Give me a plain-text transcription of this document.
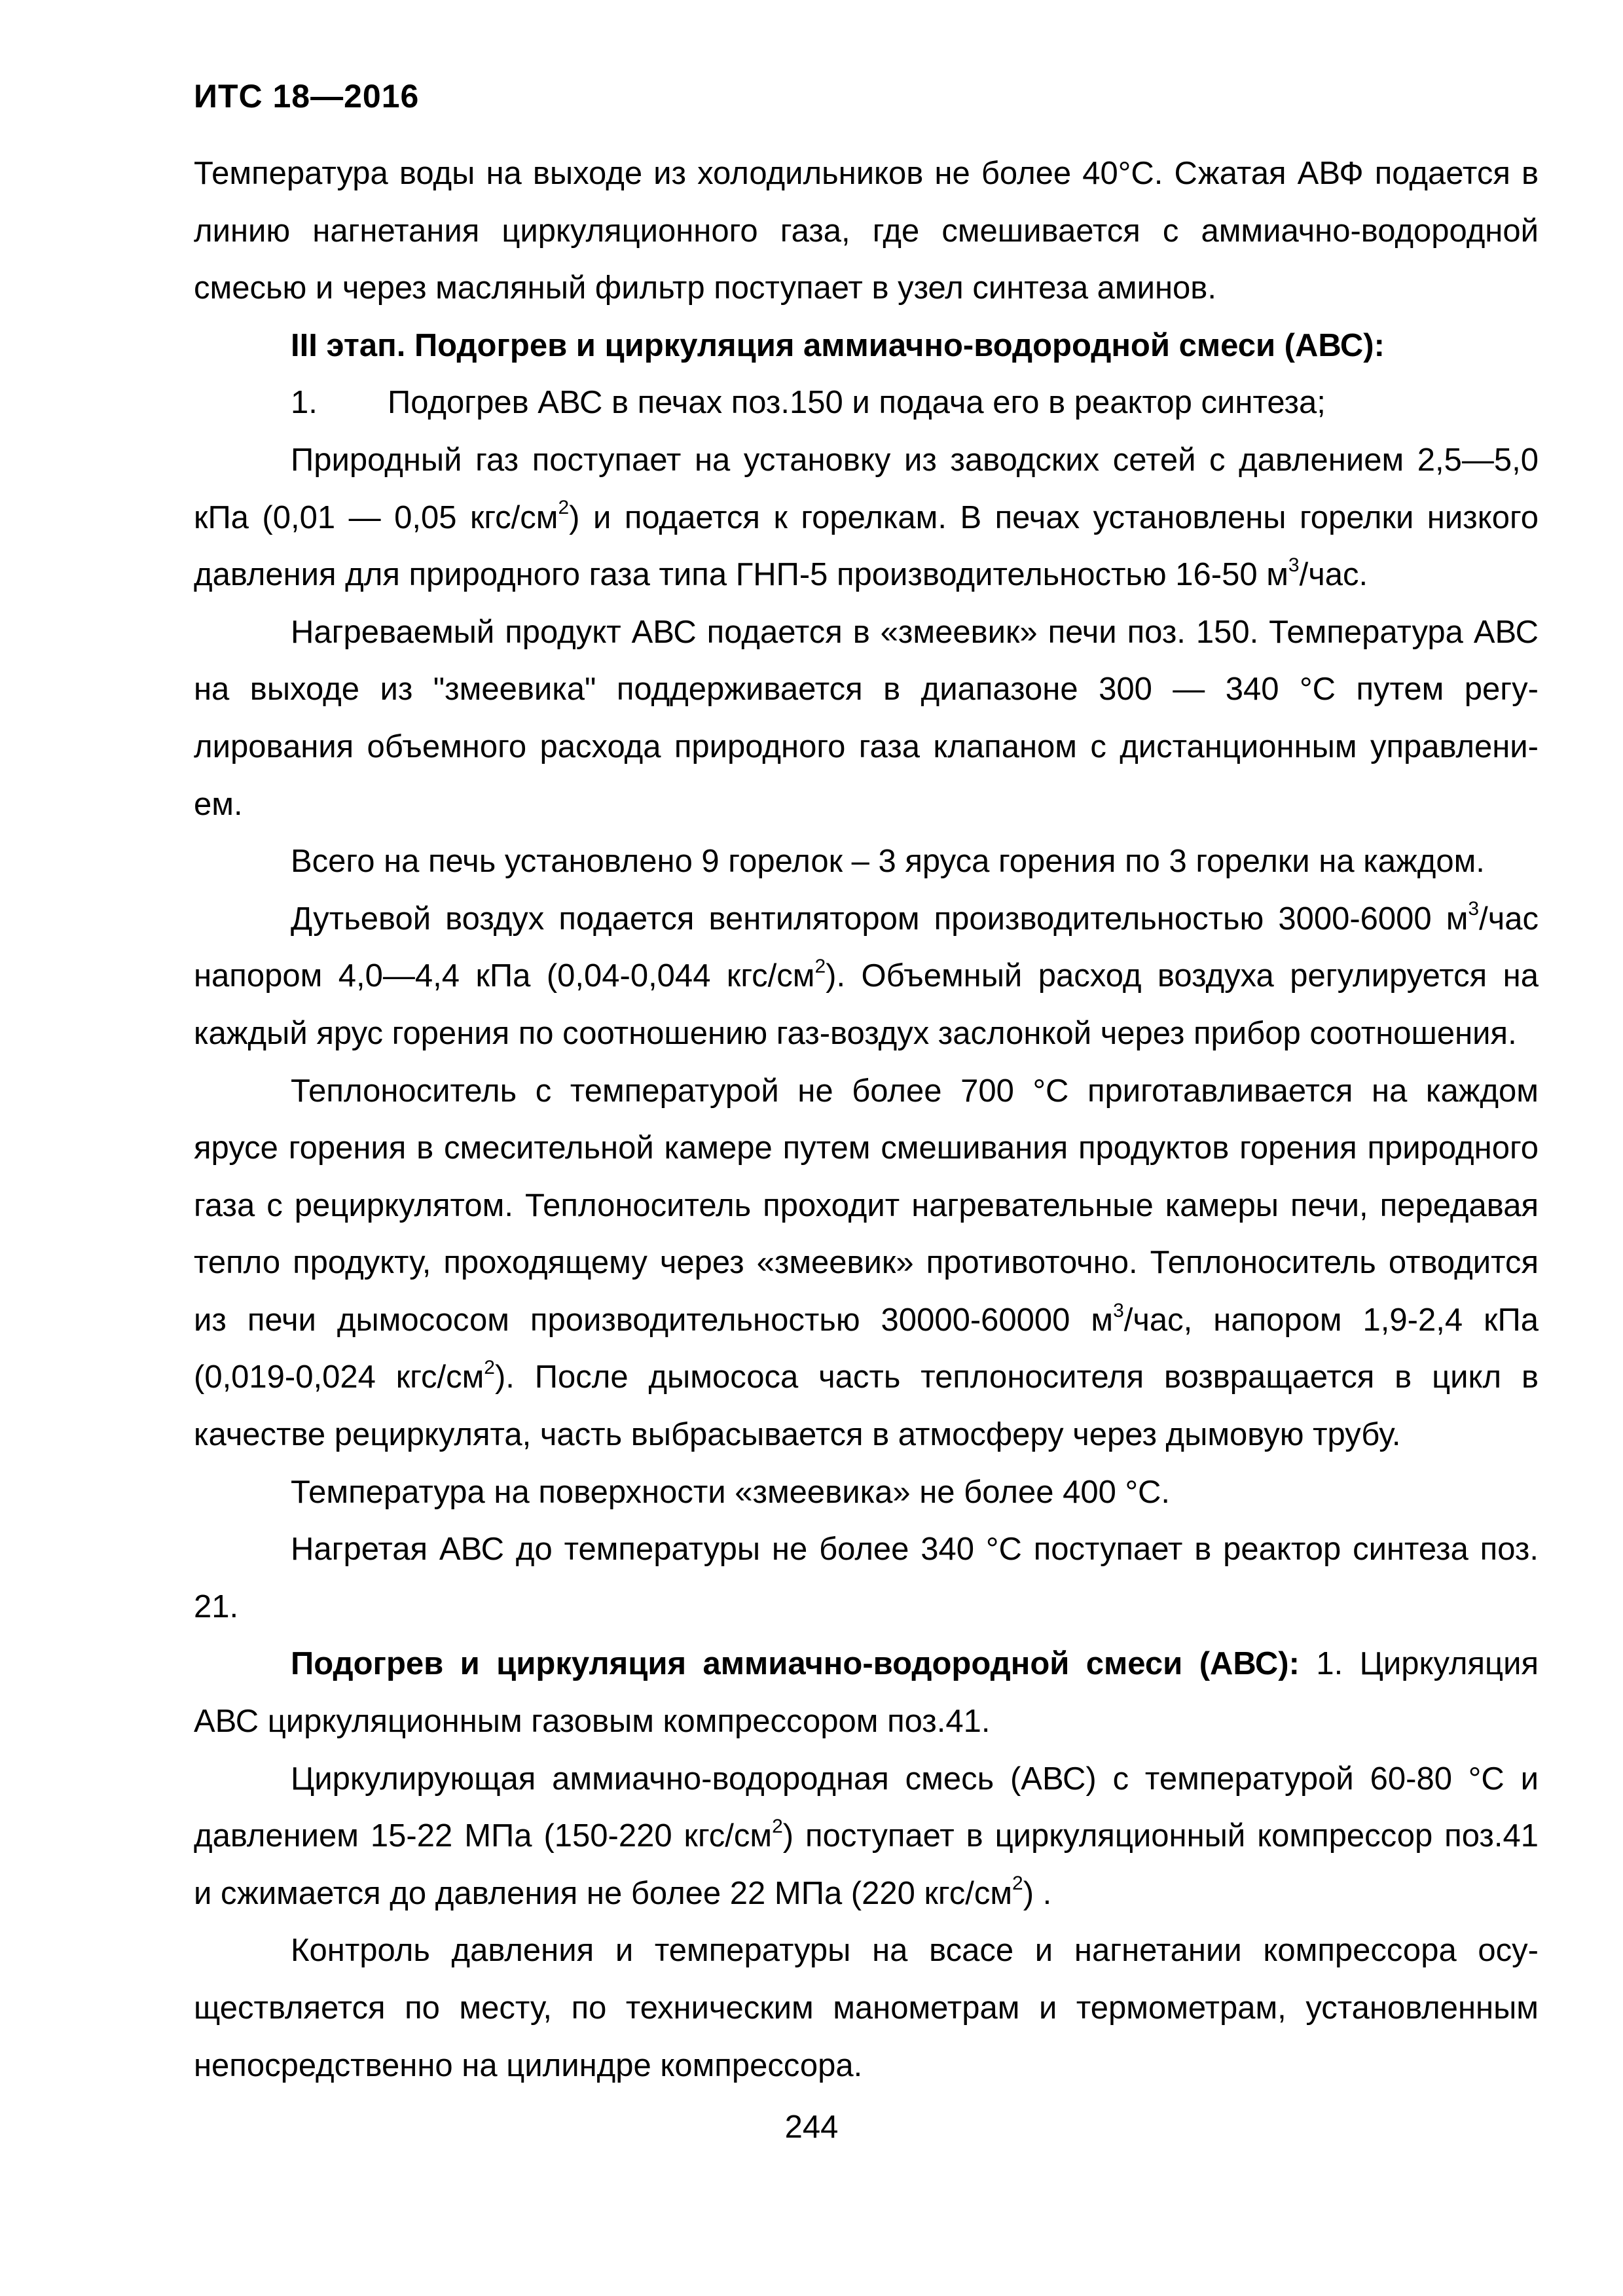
ИТС 18—2016

Температура воды на выходе из холодильников не более 40°С. Сжатая АВФ подается в линию нагнетания циркуляционного газа, где смешивается с аммиачно-водородной смесью и через масляный фильтр поступает в узел синтеза аминов.

III этап. Подогрев и циркуляция аммиачно-водородной смеси (АВС):

1. Подогрев АВС в печах поз.150 и подача его в реактор синтеза;

Природный газ поступает на установку из заводских сетей с давлением 2,5—5,0 кПа (0,01 — 0,05 кгс/$см^2$) и подается к горелкам. В печах установлены горелки низкого давления для природного газа типа ГНП-5 производительностью 16-50 $м^3$/час.

Нагреваемый продукт АВС подается в «змеевик» печи поз. 150. Температура АВС на выходе из "змеевика" поддерживается в диапазоне 300 — 340 °С путем регулирования объемного расхода природного газа клапаном с дистанционным управлением.

Всего на печь установлено 9 горелок – 3 яруса горения по 3 горелки на каждом.

Дутьевой воздух подается вентилятором производительностью 3000-6000 $м^3$/час напором 4,0—4,4 кПа (0,04-0,044 кгс/$см^2$). Объемный расход воздуха регулируется на каждый ярус горения по соотношению газ-воздух заслонкой через прибор соотношения.

Теплоноситель с температурой не более 700 °С приготавливается на каждом ярусе горения в смесительной камере путем смешивания продуктов горения природного газа с рециркулятом. Теплоноситель проходит нагревательные камеры печи, передавая тепло продукту, проходящему через «змеевик» противоточно. Теплоноситель отводится из печи дымососом производительностью 30000-60000 $м^3$/час, напором 1,9-2,4 кПа (0,019-0,024 кгс/$см^2$). После дымососа часть теплоносителя возвращается в цикл в качестве рециркулята, часть выбрасывается в атмосферу через дымовую трубу.

Температура на поверхности «змеевика» не более 400 °С.

Нагретая АВС до температуры не более 340 °С поступает в реактор синтеза поз. 21.

Подогрев и циркуляция аммиачно-водородной смеси (АВС): 1. Циркуляция АВС циркуляционным газовым компрессором поз.41.

Циркулирующая аммиачно-водородная смесь (АВС) с температурой 60-80 °С и давлением 15-22 МПа (150-220 кгс/$см^2$) поступает в циркуляционный компрессор поз.41 и сжимается до давления не более 22 МПа (220 кгс/$см^2$) .

Контроль давления и температуры на всасе и нагнетании компрессора осуществляется по месту, по техническим манометрам и термометрам, установленным непосредственно на цилиндре компрессора.

244
